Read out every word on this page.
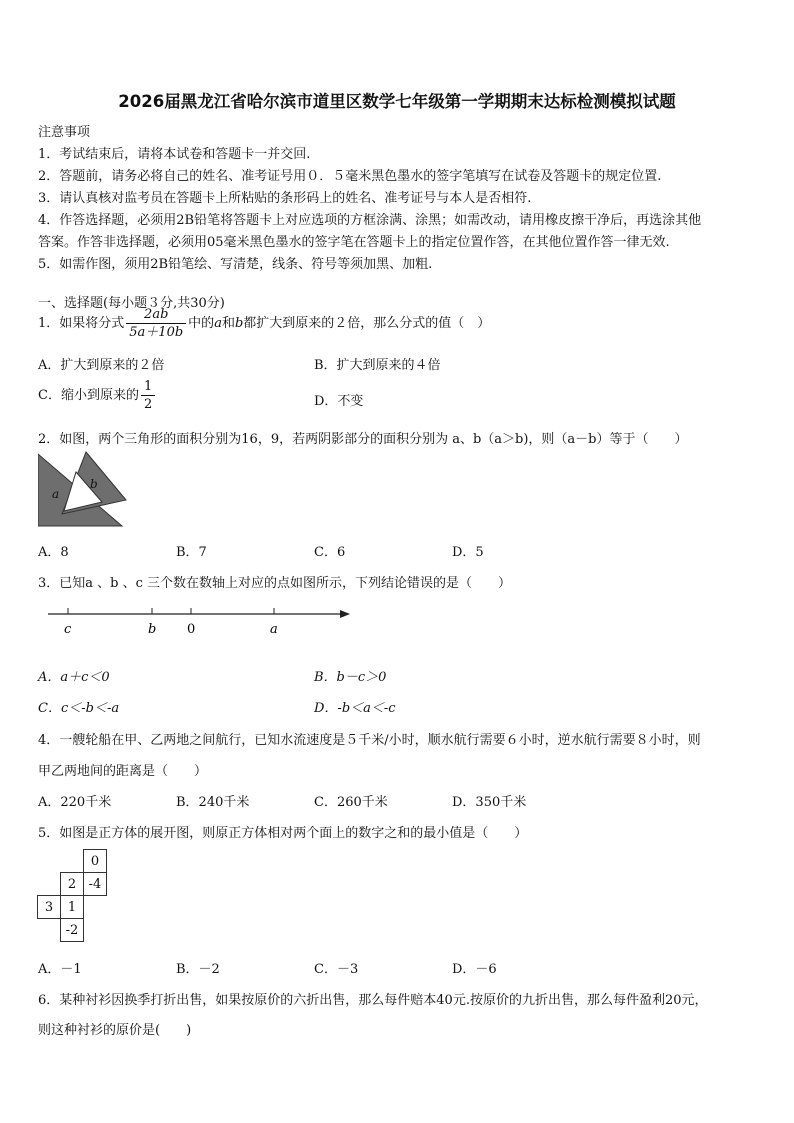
2026届黑龙江省哈尔滨市道里区数学七年级第一学期期末达标检测模拟试题
注意事项
1．考试结束后，请将本试卷和答题卡一并交回.
2．答题前，请务必将自己的姓名、准考证号用０．５毫米黑色墨水的签字笔填写在试卷及答题卡的规定位置.
3．请认真核对监考员在答题卡上所粘贴的条形码上的姓名、准考证号与本人是否相符.
4．作答选择题，必须用2B铅笔将答题卡上对应选项的方框涂满、涂黑；如需改动，请用橡皮擦干净后，再选涂其他
答案。作答非选择题，必须用05毫米黑色墨水的签字笔在答题卡上的指定位置作答，在其他位置作答一律无效.
5．如需作图，须用2B铅笔绘、写清楚，线条、符号等须加黑、加粗.
一、选择题(每小题３分,共30分)
1．如果将分式 $\frac{2ab}{5a+10b}$ 中的a和b都扩大到原来的２倍，那么分式的值（　）
A．扩大到原来的２倍	B．扩大到原来的４倍
C．缩小到原来的 $\frac{1}{2}$	D．不变
2．如图，两个三角形的面积分别为16，9，若两阴影部分的面积分别为 a、b（a＞b)，则（a－b）等于（　　）
a
b
A．8	B．7	C．6	D．5
3．已知a 、b 、c 三个数在数轴上对应的点如图所示，下列结论错误的是（　　）
c	b 0	a
A．a＋c＜0	B．b－c＞0
C．c＜-b＜-a	D．-b＜a＜-c
4．一艘轮船在甲、乙两地之间航行，已知水流速度是５千米/小时，顺水航行需要６小时，逆水航行需要８小时，则
甲乙两地间的距离是（　　）
A．220千米	B．240千米	C．260千米	D．350千米
5．如图是正方体的展开图，则原正方体相对两个面上的数字之和的最小值是（　　）
		0
	2	-4
3	1	
	-2	
A．－1	B．－2	C．－3	D．－6
6．某种衬衫因换季打折出售，如果按原价的六折出售，那么每件赔本40元.按原价的九折出售，那么每件盈利20元，
则这种衬衫的原价是(　　)
